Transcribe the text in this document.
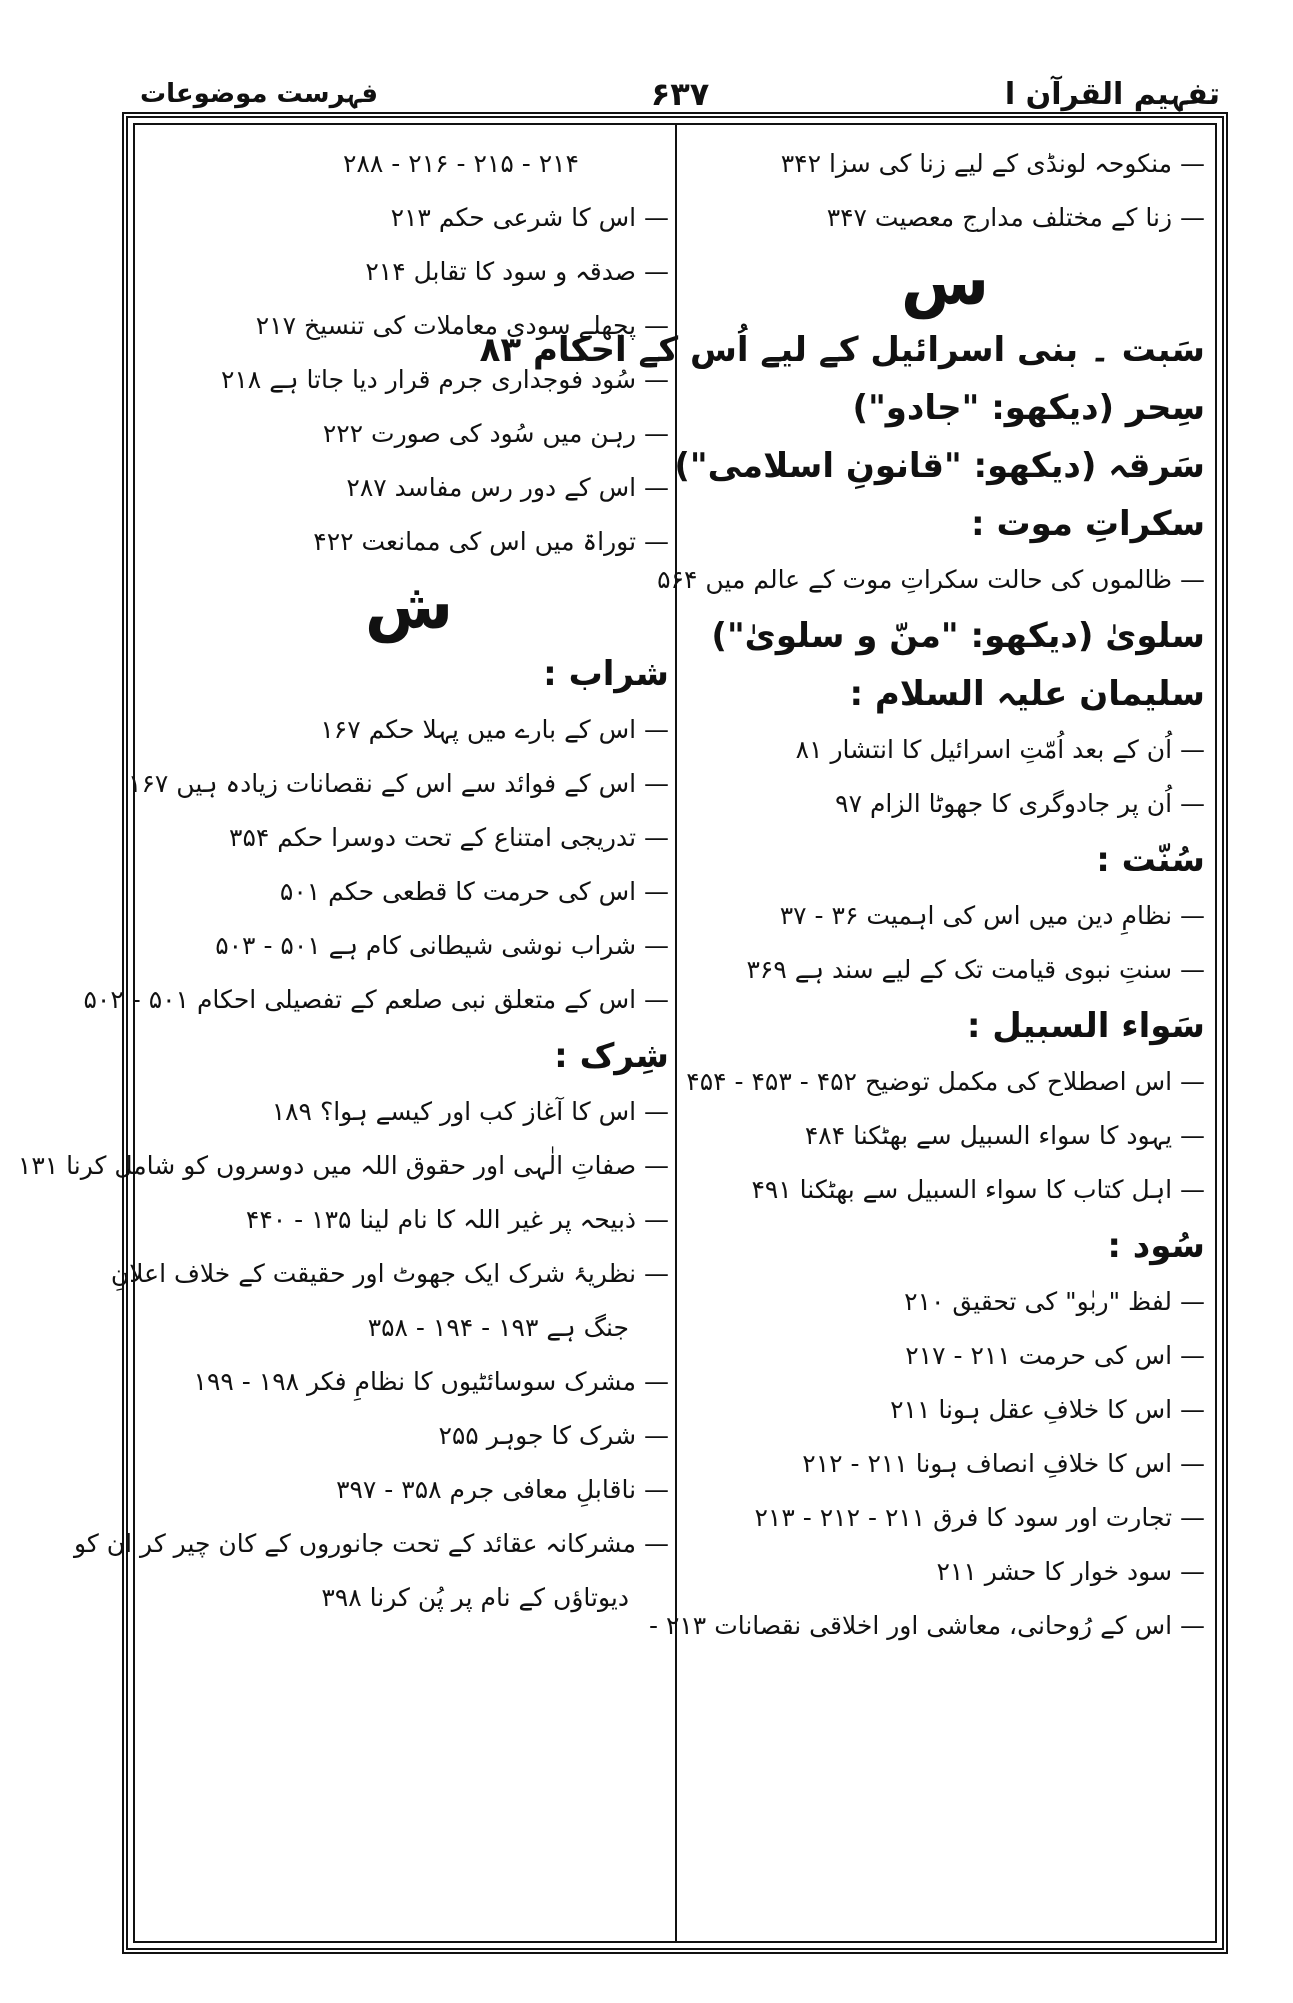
تفہیم القرآن ا
۶۳۷
فہرست موضوعات
— منکوحہ لونڈی کے لیے زنا کی سزا ۳۴۲
— زنا کے مختلف مدارج معصیت ۳۴۷
س
سَبت ۔ بنی اسرائیل کے لیے اُس کے احکام ۸۳
سِحر (دیکھو: "جادو")
سَرقہ (دیکھو: "قانونِ اسلامی")
سکراتِ موت :
— ظالموں کی حالت سکراتِ موت کے عالم میں ۵۶۴
سلویٰ (دیکھو: "منّ و سلویٰ")
سلیمان علیہ السلام :
— اُن کے بعد اُمّتِ اسرائیل کا انتشار ۸۱
— اُن پر جادوگری کا جھوٹا الزام ۹۷
سُنّت :
— نظامِ دین میں اس کی اہمیت ۳۶ - ۳۷
— سنتِ نبوی قیامت تک کے لیے سند ہے ۳۶۹
سَواء السبیل :
— اس اصطلاح کی مکمل توضیح ۴۵۲ - ۴۵۳ - ۴۵۴
— یہود کا سواء السبیل سے بھٹکنا ۴۸۴
— اہل کتاب کا سواء السبیل سے بھٹکنا ۴۹۱
سُود :
— لفظ "ربٰو" کی تحقیق ۲۱۰
— اس کی حرمت ۲۱۱ - ۲۱۷
— اس کا خلافِ عقل ہونا ۲۱۱
— اس کا خلافِ انصاف ہونا ۲۱۱ - ۲۱۲
— تجارت اور سود کا فرق ۲۱۱ - ۲۱۲ - ۲۱۳
— سود خوار کا حشر ۲۱۱
— اس کے رُوحانی، معاشی اور اخلاقی نقصانات ۲۱۳ -
۲۱۴ - ۲۱۵ - ۲۱۶ - ۲۸۸
— اس کا شرعی حکم ۲۱۳
— صدقہ و سود کا تقابل ۲۱۴
— پچھلے سودی معاملات کی تنسیخ ۲۱۷
— سُود فوجداری جرم قرار دیا جاتا ہے ۲۱۸
— رہن میں سُود کی صورت ۲۲۲
— اس کے دور رس مفاسد ۲۸۷
— توراۃ میں اس کی ممانعت ۴۲۲
ش
شراب :
— اس کے بارے میں پہلا حکم ۱۶۷
— اس کے فوائد سے اس کے نقصانات زیادہ ہیں ۱۶۷
— تدریجی امتناع کے تحت دوسرا حکم ۳۵۴
— اس کی حرمت کا قطعی حکم ۵۰۱
— شراب نوشی شیطانی کام ہے ۵۰۱ - ۵۰۳
— اس کے متعلق نبی صلعم کے تفصیلی احکام ۵۰۱ - ۵۰۲
شِرک :
— اس کا آغاز کب اور کیسے ہوا؟ ۱۸۹
— صفاتِ الٰہی اور حقوق اللہ میں دوسروں کو شامل کرنا ۱۳۱
— ذبیحہ پر غیر اللہ کا نام لینا ۱۳۵ - ۴۴۰
— نظریۂ شرک ایک جھوٹ اور حقیقت کے خلاف اعلانِ
جنگ ہے ۱۹۳ - ۱۹۴ - ۳۵۸
— مشرک سوسائٹیوں کا نظامِ فکر ۱۹۸ - ۱۹۹
— شرک کا جوہر ۲۵۵
— ناقابلِ معافی جرم ۳۵۸ - ۳۹۷
— مشرکانہ عقائد کے تحت جانوروں کے کان چیر کر ان کو
دیوتاؤں کے نام پر پُن کرنا ۳۹۸
